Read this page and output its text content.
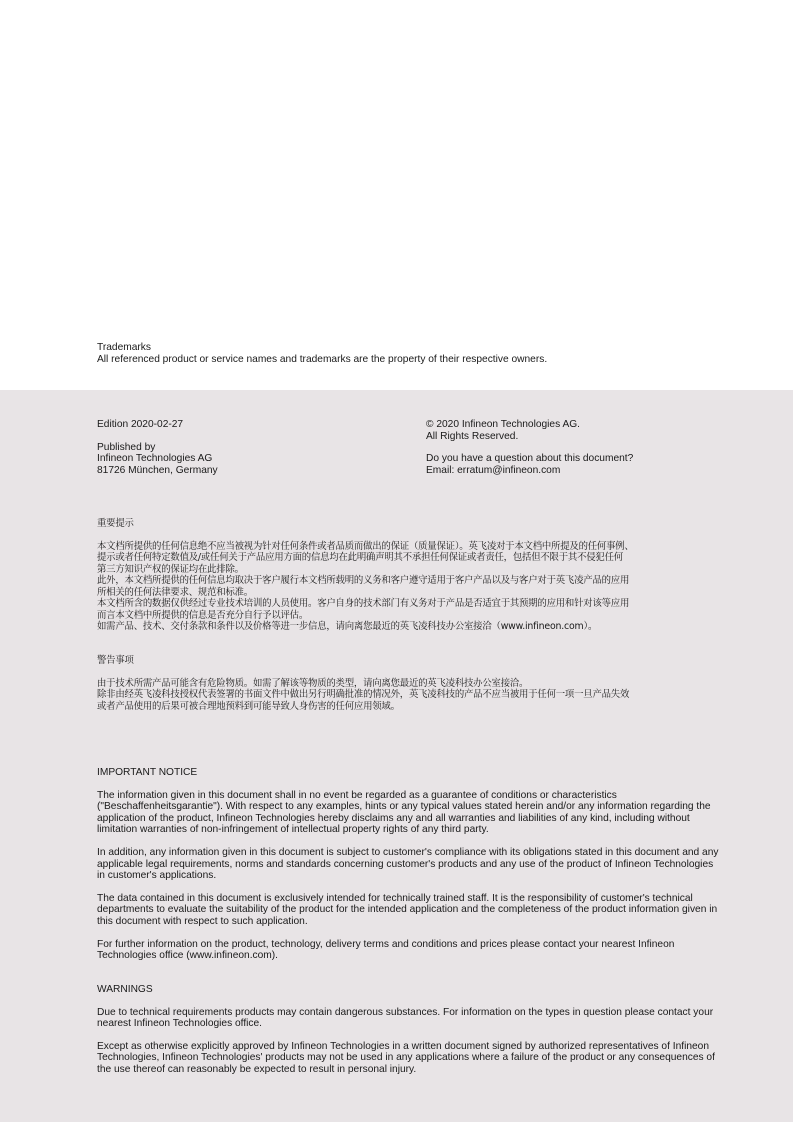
Trademarks
All referenced product or service names and trademarks are the property of their respective owners.
Edition 2020-02-27
Published by
Infineon Technologies AG
81726 München, Germany
© 2020 Infineon Technologies AG.
All Rights Reserved.
Do you have a question about this document?
Email: erratum@infineon.com
重要提示
本文档所提供的任何信息绝不应当被视为针对任何条件或者品质而做出的保证（质量保证）。英飞凌对于本文档中所提及的任何事例、
提示或者任何特定数值及/或任何关于产品应用方面的信息均在此明确声明其不承担任何保证或者责任，包括但不限于其不侵犯任何
第三方知识产权的保证均在此排除。
此外，本文档所提供的任何信息均取决于客户履行本文档所载明的义务和客户遵守适用于客户产品以及与客户对于英飞凌产品的应用
所相关的任何法律要求、规范和标准。
本文档所含的数据仅供经过专业技术培训的人员使用。客户自身的技术部门有义务对于产品是否适宜于其预期的应用和针对该等应用
而言本文档中所提供的信息是否充分自行予以评估。
如需产品、技术、交付条款和条件以及价格等进一步信息，请向离您最近的英飞凌科技办公室接洽（www.infineon.com）。
警告事项
由于技术所需产品可能含有危险物质。如需了解该等物质的类型，请向离您最近的英飞凌科技办公室接洽。
除非由经英飞凌科技授权代表签署的书面文件中做出另行明确批准的情况外，英飞凌科技的产品不应当被用于任何一项一旦产品失效
或者产品使用的后果可被合理地预料到可能导致人身伤害的任何应用领域。
IMPORTANT NOTICE
The information given in this document shall in no event be regarded as a guarantee of conditions or characteristics
("Beschaffenheitsgarantie"). With respect to any examples, hints or any typical values stated herein and/or any information regarding the
application of the product, Infineon Technologies hereby disclaims any and all warranties and liabilities of any kind, including without
limitation warranties of non-infringement of intellectual property rights of any third party.
In addition, any information given in this document is subject to customer's compliance with its obligations stated in this document and any
applicable legal requirements, norms and standards concerning customer's products and any use of the product of Infineon Technologies
in customer's applications.
The data contained in this document is exclusively intended for technically trained staff. It is the responsibility of customer's technical
departments to evaluate the suitability of the product for the intended application and the completeness of the product information given in
this document with respect to such application.
For further information on the product, technology, delivery terms and conditions and prices please contact your nearest Infineon
Technologies office (www.infineon.com).
WARNINGS
Due to technical requirements products may contain dangerous substances. For information on the types in question please contact your
nearest Infineon Technologies office.
Except as otherwise explicitly approved by Infineon Technologies in a written document signed by authorized representatives of Infineon
Technologies, Infineon Technologies' products may not be used in any applications where a failure of the product or any consequences of
the use thereof can reasonably be expected to result in personal injury.
